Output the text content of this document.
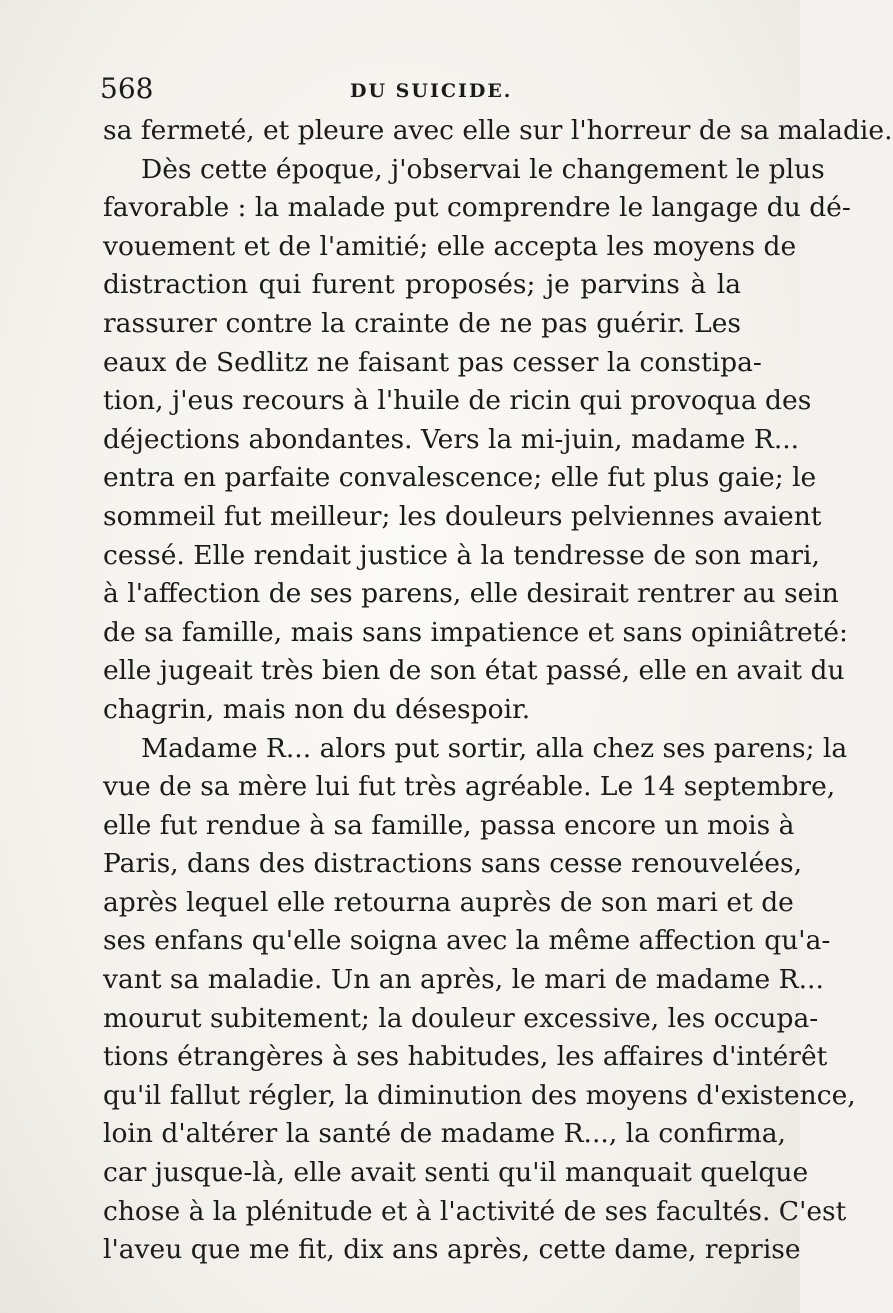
568	DU SUICIDE.
sa fermeté, et pleure avec elle sur l'horreur de sa maladie.
Dès cette époque, j'observai le changement le plus
favorable : la malade put comprendre le langage du dé-
vouement et de l'amitié; elle accepta les moyens de
distraction qui furent proposés; je parvins à la
rassurer contre la crainte de ne pas guérir. Les
eaux de Sedlitz ne faisant pas cesser la constipa-
tion, j'eus recours à l'huile de ricin qui provoqua des
déjections abondantes. Vers la mi-juin, madame R...
entra en parfaite convalescence; elle fut plus gaie; le
sommeil fut meilleur; les douleurs pelviennes avaient
cessé. Elle rendait justice à la tendresse de son mari,
à l'affection de ses parens, elle desirait rentrer au sein
de sa famille, mais sans impatience et sans opiniâtreté:
elle jugeait très bien de son état passé, elle en avait du
chagrin, mais non du désespoir.
Madame R... alors put sortir, alla chez ses parens; la
vue de sa mère lui fut très agréable. Le 14 septembre,
elle fut rendue à sa famille, passa encore un mois à
Paris, dans des distractions sans cesse renouvelées,
après lequel elle retourna auprès de son mari et de
ses enfans qu'elle soigna avec la même affection qu'a-
vant sa maladie. Un an après, le mari de madame R...
mourut subitement; la douleur excessive, les occupa-
tions étrangères à ses habitudes, les affaires d'intérêt
qu'il fallut régler, la diminution des moyens d'existence,
loin d'altérer la santé de madame R..., la confirma,
car jusque-là, elle avait senti qu'il manquait quelque
chose à la plénitude et à l'activité de ses facultés. C'est
l'aveu que me fit, dix ans après, cette dame, reprise
